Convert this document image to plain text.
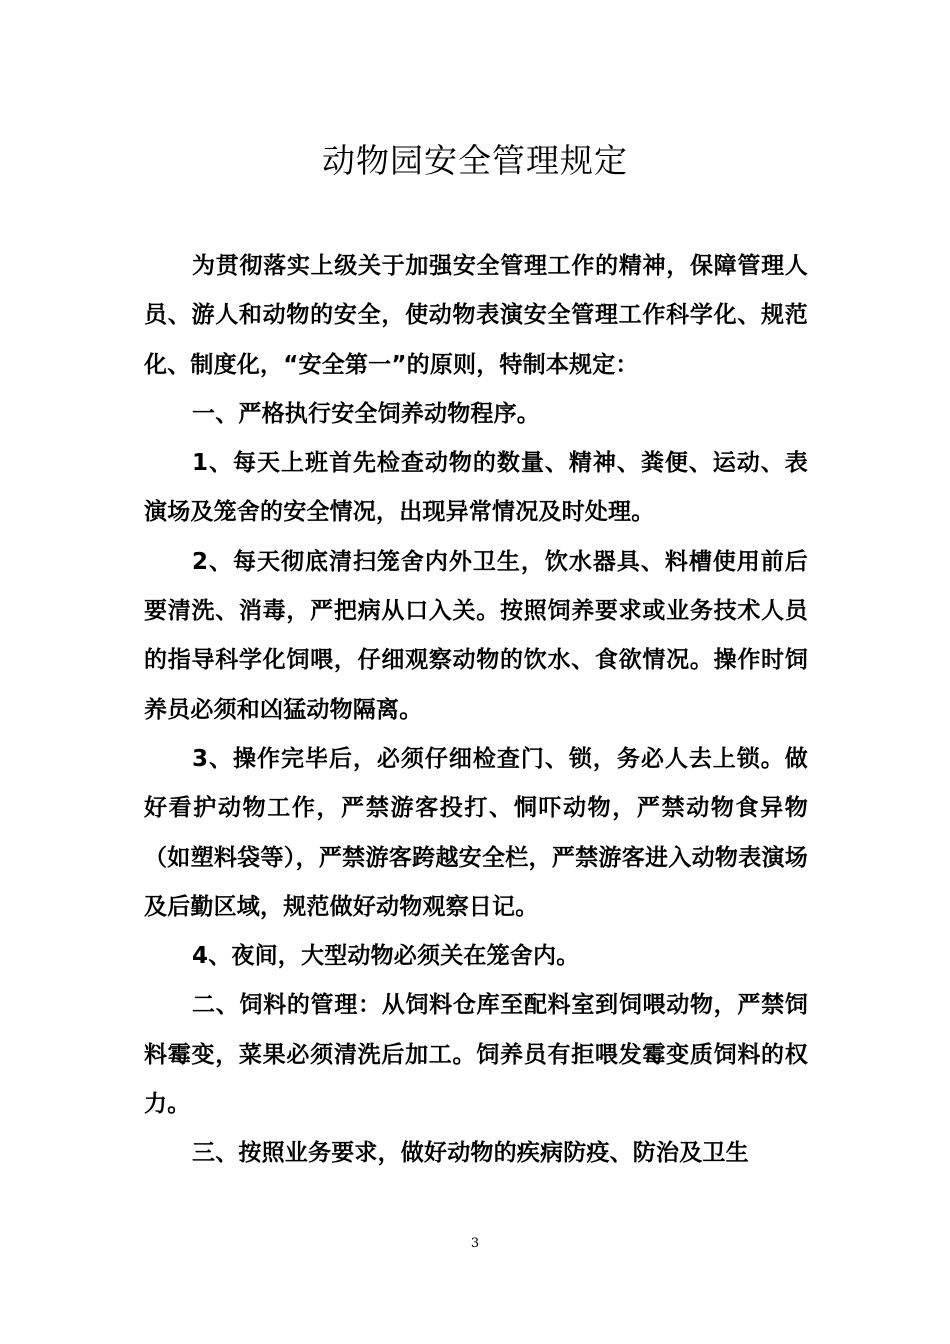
动物园安全管理规定

为贯彻落实上级关于加强安全管理工作的精神，保障管理人员、游人和动物的安全，使动物表演安全管理工作科学化、规范化、制度化，“安全第一”的原则，特制本规定：

一、严格执行安全饲养动物程序。

1、每天上班首先检查动物的数量、精神、粪便、运动、表演场及笼舍的安全情况，出现异常情况及时处理。

2、每天彻底清扫笼舍内外卫生，饮水器具、料槽使用前后要清洗、消毒，严把病从口入关。按照饲养要求或业务技术人员的指导科学化饲喂，仔细观察动物的饮水、食欲情况。操作时饲养员必须和凶猛动物隔离。

3、操作完毕后，必须仔细检查门、锁，务必人去上锁。做好看护动物工作，严禁游客投打、恫吓动物，严禁动物食异物（如塑料袋等），严禁游客跨越安全栏，严禁游客进入动物表演场及后勤区域，规范做好动物观察日记。

4、夜间，大型动物必须关在笼舍内。

二、饲料的管理：从饲料仓库至配料室到饲喂动物，严禁饲料霉变，菜果必须清洗后加工。饲养员有拒喂发霉变质饲料的权力。

三、按照业务要求，做好动物的疾病防疫、防治及卫生

3
